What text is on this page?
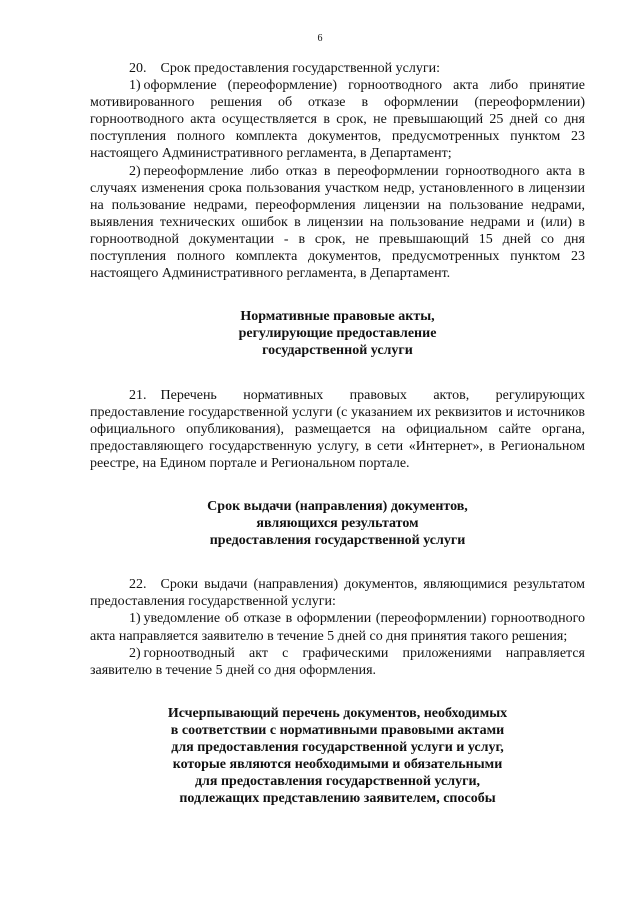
6

20. Срок предоставления государственной услуги:

1) оформление (переоформление) горноотводного акта либо принятие мотивированного решения об отказе в оформлении (переоформлении) горноотводного акта осуществляется в срок, не превышающий 25 дней со дня поступления полного комплекта документов, предусмотренных пунктом 23 настоящего Административного регламента, в Департамент;

2) переоформление либо отказ в переоформлении горноотводного акта в случаях изменения срока пользования участком недр, установленного в лицензии на пользование недрами, переоформления лицензии на пользование недрами, выявления технических ошибок в лицензии на пользование недрами и (или) в горноотводной документации - в срок, не превышающий 15 дней со дня поступления полного комплекта документов, предусмотренных пунктом 23 настоящего Административного регламента, в Департамент.

Нормативные правовые акты,
регулирующие предоставление
государственной услуги

21. Перечень нормативных правовых актов, регулирующих предоставление государственной услуги (с указанием их реквизитов и источников официального опубликования), размещается на официальном сайте органа, предоставляющего государственную услугу, в сети «Интернет», в Региональном реестре, на Едином портале и Региональном портале.

Срок выдачи (направления) документов,
являющихся результатом
предоставления государственной услуги

22. Сроки выдачи (направления) документов, являющимися результатом предоставления государственной услуги:

1) уведомление об отказе в оформлении (переоформлении) горноотводного акта направляется заявителю в течение 5 дней со дня принятия такого решения;

2) горноотводный акт с графическими приложениями направляется заявителю в течение 5 дней со дня оформления.

Исчерпывающий перечень документов, необходимых
в соответствии с нормативными правовыми актами
для предоставления государственной услуги и услуг,
которые являются необходимыми и обязательными
для предоставления государственной услуги,
подлежащих представлению заявителем, способы
